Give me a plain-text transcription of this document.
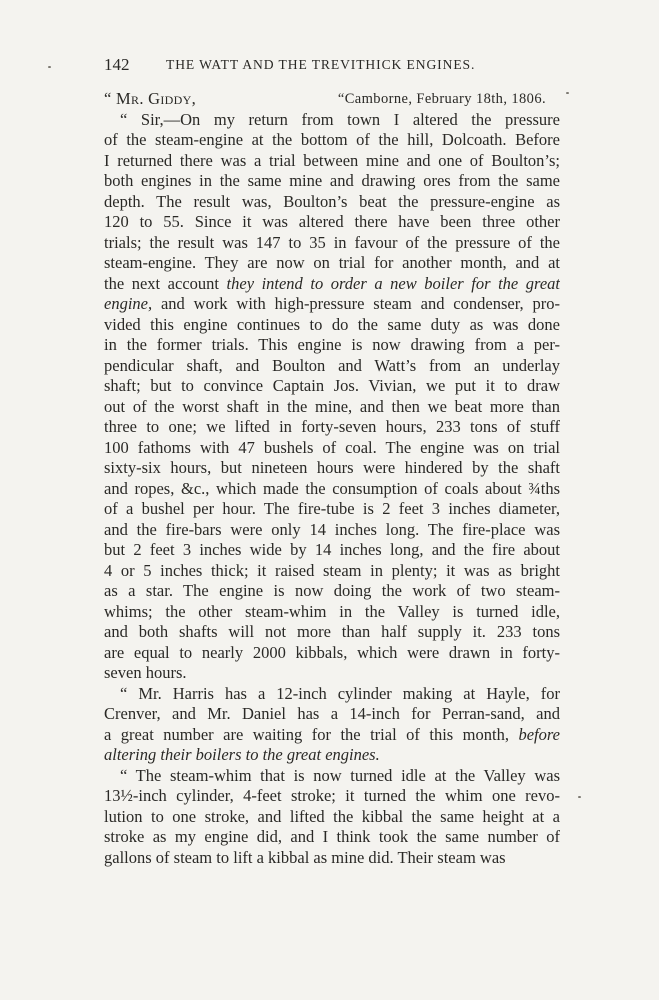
142	THE WATT AND THE TREVITHICK ENGINES.
“ Mr. Giddy,	“Camborne, February 18th, 1806.
“ Sir,—On my return from town I altered the pressure
of the steam-engine at the bottom of the hill, Dolcoath. Before
I returned there was a trial between mine and one of Boulton’s;
both engines in the same mine and drawing ores from the same
depth. The result was, Boulton’s beat the pressure-engine as
120 to 55. Since it was altered there have been three other
trials; the result was 147 to 35 in favour of the pressure of the
steam-engine. They are now on trial for another month, and at
the next account they intend to order a new boiler for the great
engine, and work with high-pressure steam and condenser, pro-
vided this engine continues to do the same duty as was done
in the former trials. This engine is now drawing from a per-
pendicular shaft, and Boulton and Watt’s from an underlay
shaft; but to convince Captain Jos. Vivian, we put it to draw
out of the worst shaft in the mine, and then we beat more than
three to one; we lifted in forty-seven hours, 233 tons of stuff
100 fathoms with 47 bushels of coal. The engine was on trial
sixty-six hours, but nineteen hours were hindered by the shaft
and ropes, &c., which made the consumption of coals about ¾ths
of a bushel per hour. The fire-tube is 2 feet 3 inches diameter,
and the fire-bars were only 14 inches long. The fire-place was
but 2 feet 3 inches wide by 14 inches long, and the fire about
4 or 5 inches thick; it raised steam in plenty; it was as bright
as a star. The engine is now doing the work of two steam-
whims; the other steam-whim in the Valley is turned idle,
and both shafts will not more than half supply it. 233 tons
are equal to nearly 2000 kibbals, which were drawn in forty-
seven hours.
“ Mr. Harris has a 12-inch cylinder making at Hayle, for
Crenver, and Mr. Daniel has a 14-inch for Perran-sand, and
a great number are waiting for the trial of this month, before
altering their boilers to the great engines.
“ The steam-whim that is now turned idle at the Valley was
13½-inch cylinder, 4-feet stroke; it turned the whim one revo-
lution to one stroke, and lifted the kibbal the same height at a
stroke as my engine did, and I think took the same number of
gallons of steam to lift a kibbal as mine did. Their steam was
